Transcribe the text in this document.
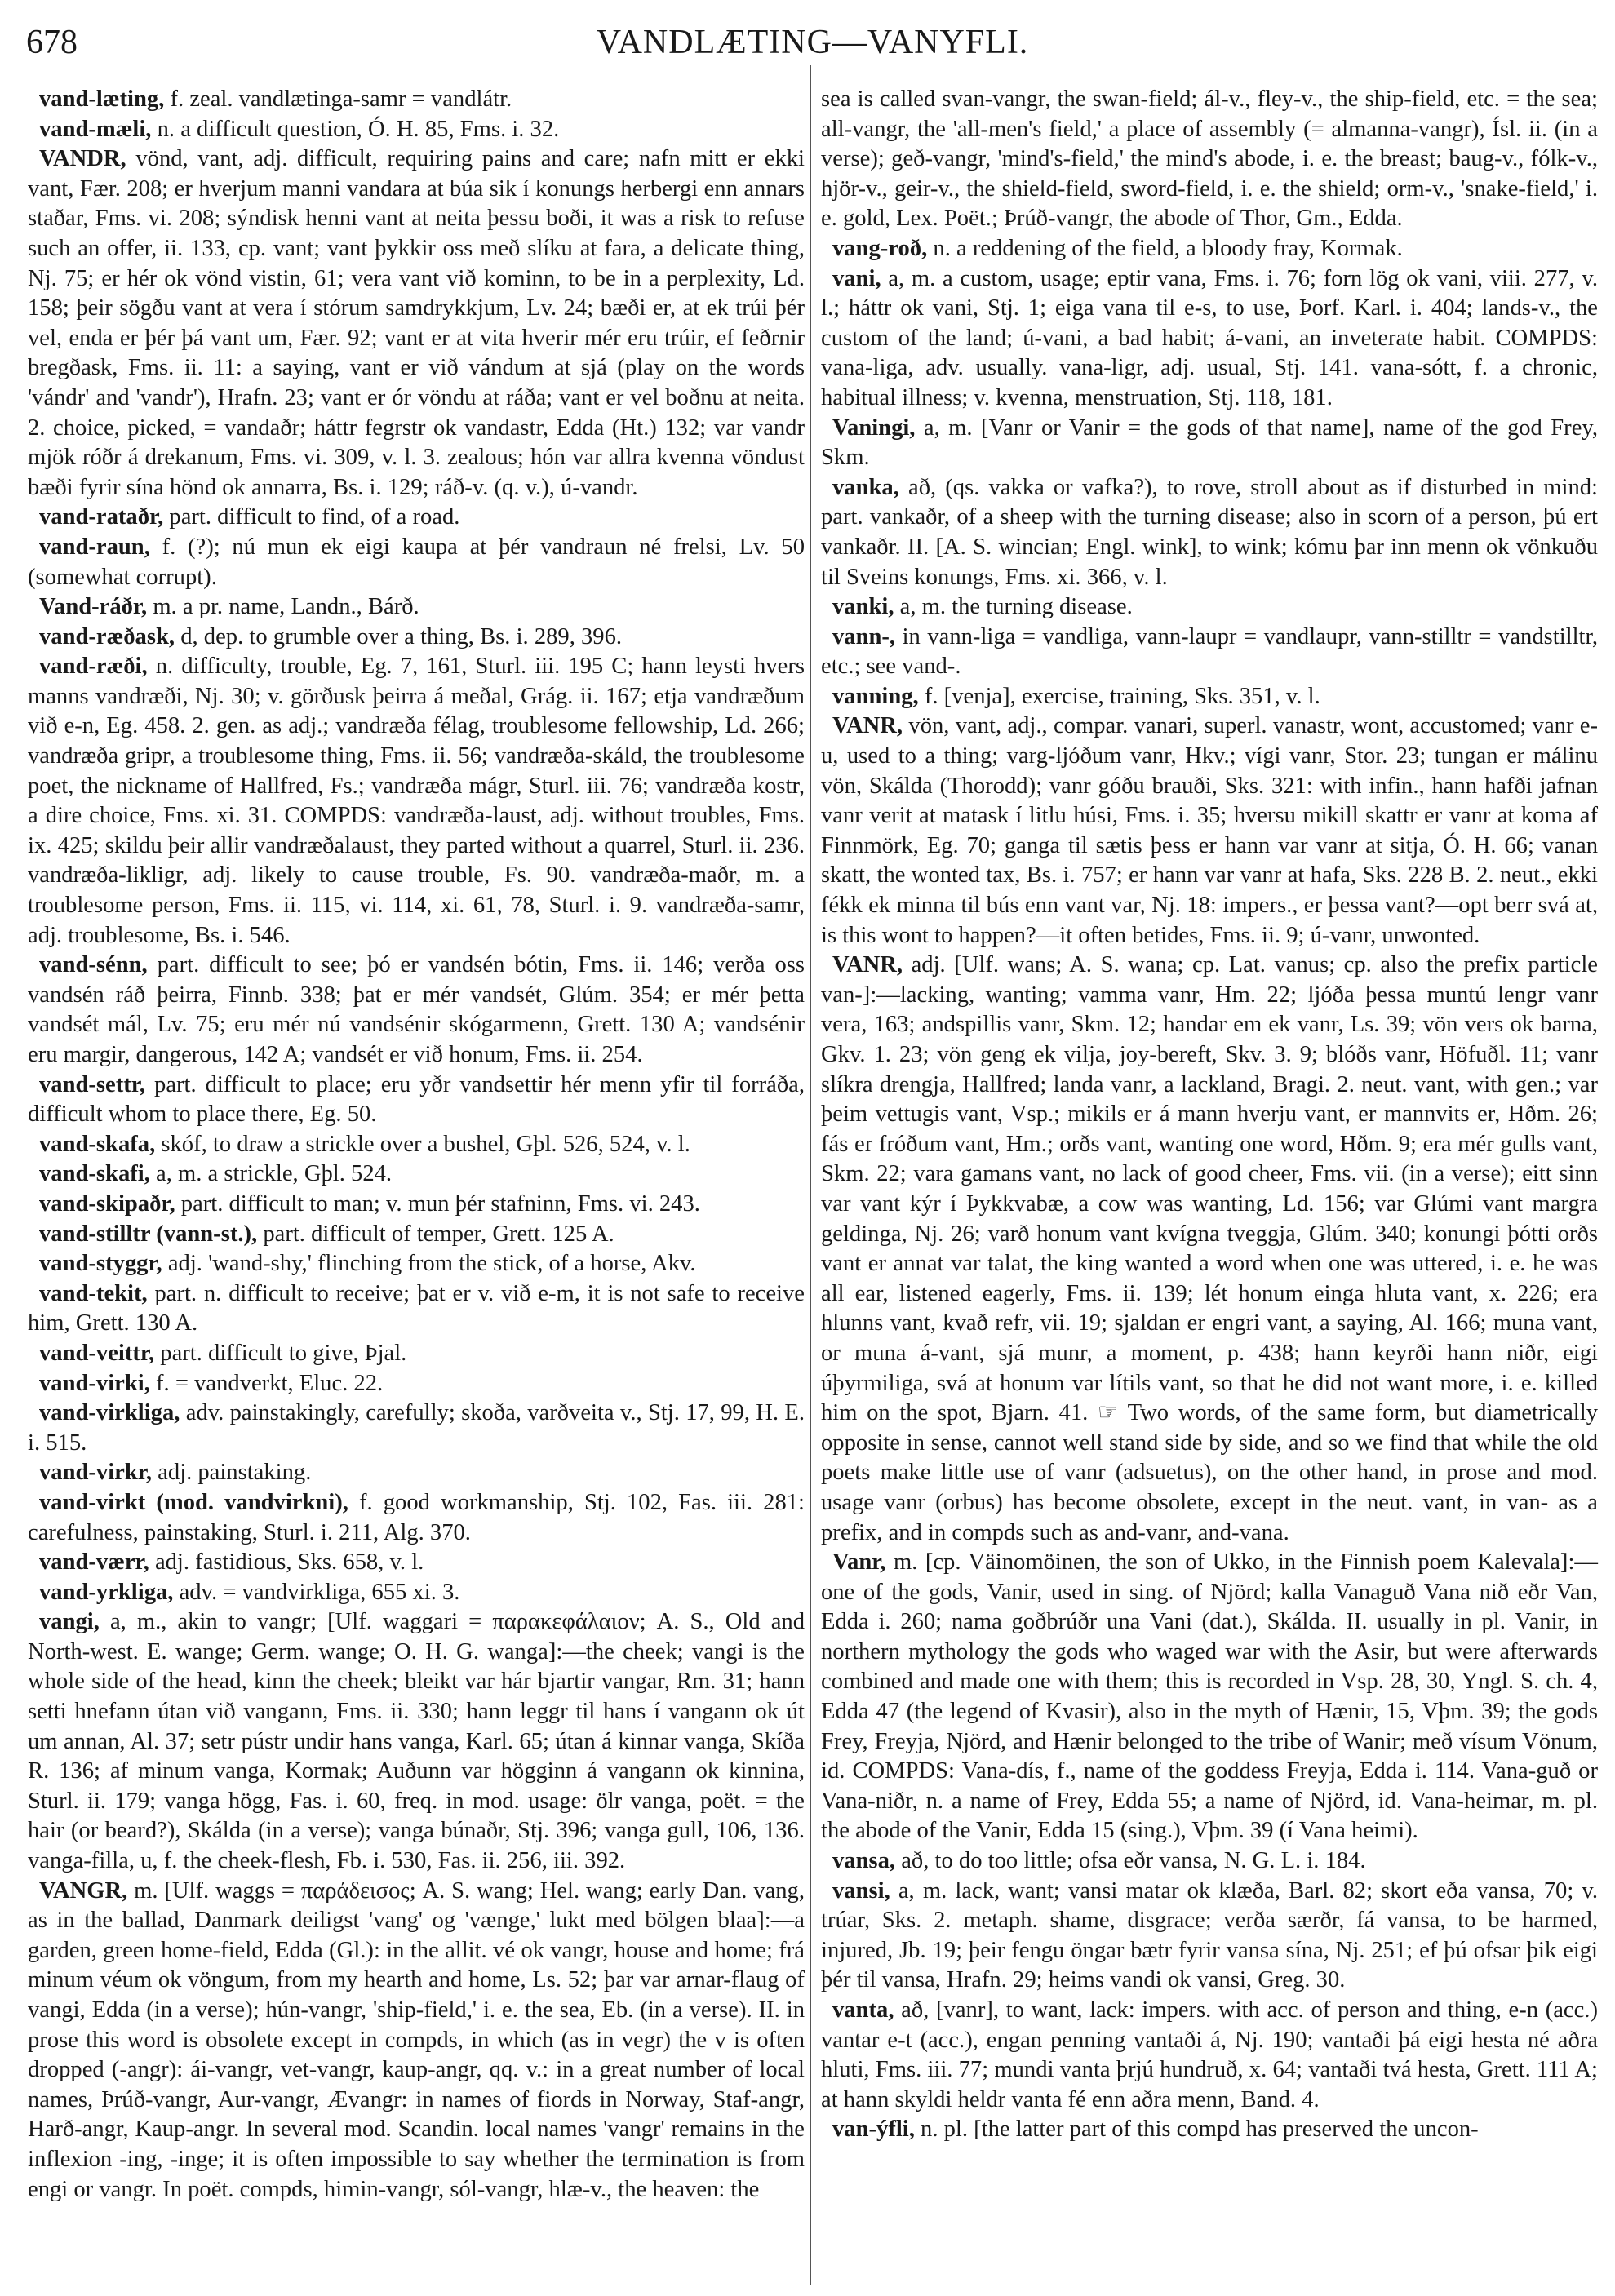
678	VANDLÆTING—VANYFLI.

vand-læting, f. zeal. vandlætinga-samr = vandlátr.

vand-mæli, n. a difficult question, Ó. H. 85, Fms. i. 32.

VANDR, vönd, vant, adj. difficult, requiring pains and care; nafn mitt er ekki vant, Fær. 208; er hverjum manni vandara at búa sik í konungs herbergi enn annars staðar, Fms. vi. 208; sýndisk henni vant at neita þessu boði, it was a risk to refuse such an offer, ii. 133, cp. vant; vant þykkir oss með slíku at fara, a delicate thing, Nj. 75; er hér ok vönd vistin, 61; vera vant við kominn, to be in a perplexity, Ld. 158; þeir sögðu vant at vera í stórum samdrykkjum, Lv. 24; bæði er, at ek trúi þér vel, enda er þér þá vant um, Fær. 92; vant er at vita hverir mér eru trúir, ef feðrnir bregðask, Fms. ii. 11: a saying, vant er við vándum at sjá (play on the words 'vándr' and 'vandr'), Hrafn. 23; vant er ór vöndu at ráða; vant er vel boðnu at neita. 2. choice, picked, = vandaðr; háttr fegrstr ok vandastr, Edda (Ht.) 132; var vandr mjök róðr á drekanum, Fms. vi. 309, v. l. 3. zealous; hón var allra kvenna vöndust bæði fyrir sína hönd ok annarra, Bs. i. 129; ráð-v. (q. v.), ú-vandr.

vand-rataðr, part. difficult to find, of a road.

vand-raun, f. (?); nú mun ek eigi kaupa at þér vandraun né frelsi, Lv. 50 (somewhat corrupt).

Vand-ráðr, m. a pr. name, Landn., Bárð.

vand-ræðask, d, dep. to grumble over a thing, Bs. i. 289, 396.

vand-ræði, n. difficulty, trouble, Eg. 7, 161, Sturl. iii. 195 C; hann leysti hvers manns vandræði, Nj. 30; v. görðusk þeirra á meðal, Grág. ii. 167; etja vandræðum við e-n, Eg. 458. 2. gen. as adj.; vandræða félag, troublesome fellowship, Ld. 266; vandræða gripr, a troublesome thing, Fms. ii. 56; vandræða-skáld, the troublesome poet, the nickname of Hallfred, Fs.; vandræða mágr, Sturl. iii. 76; vandræða kostr, a dire choice, Fms. xi. 31. COMPDS: vandræða-laust, adj. without troubles, Fms. ix. 425; skildu þeir allir vandræðalaust, they parted without a quarrel, Sturl. ii. 236. vandræða-likligr, adj. likely to cause trouble, Fs. 90. vandræða-maðr, m. a troublesome person, Fms. ii. 115, vi. 114, xi. 61, 78, Sturl. i. 9. vandræða-samr, adj. troublesome, Bs. i. 546.

vand-sénn, part. difficult to see; þó er vandsén bótin, Fms. ii. 146; verða oss vandsén ráð þeirra, Finnb. 338; þat er mér vandsét, Glúm. 354; er mér þetta vandsét mál, Lv. 75; eru mér nú vandsénir skógarmenn, Grett. 130 A; vandsénir eru margir, dangerous, 142 A; vandsét er við honum, Fms. ii. 254.

vand-settr, part. difficult to place; eru yðr vandsettir hér menn yfir til forráða, difficult whom to place there, Eg. 50.

vand-skafa, skóf, to draw a strickle over a bushel, Gþl. 526, 524, v. l.

vand-skafi, a, m. a strickle, Gþl. 524.

vand-skipaðr, part. difficult to man; v. mun þér stafninn, Fms. vi. 243.

vand-stilltr (vann-st.), part. difficult of temper, Grett. 125 A.

vand-styggr, adj. 'wand-shy,' flinching from the stick, of a horse, Akv.

vand-tekit, part. n. difficult to receive; þat er v. við e-m, it is not safe to receive him, Grett. 130 A.

vand-veittr, part. difficult to give, Þjal.

vand-virki, f. = vandverkt, Eluc. 22.

vand-virkliga, adv. painstakingly, carefully; skoða, varðveita v., Stj. 17, 99, H. E. i. 515.

vand-virkr, adj. painstaking.

vand-virkt (mod. vandvirkni), f. good workmanship, Stj. 102, Fas. iii. 281: carefulness, painstaking, Sturl. i. 211, Alg. 370.

vand-værr, adj. fastidious, Sks. 658, v. l.

vand-yrkliga, adv. = vandvirkliga, 655 xi. 3.

vangi, a, m., akin to vangr; [Ulf. waggari = παρακεφάλαιον; A. S., Old and North-west. E. wange; Germ. wange; O. H. G. wanga]:—the cheek; vangi is the whole side of the head, kinn the cheek; bleikt var hár bjartir vangar, Rm. 31; hann setti hnefann útan við vangann, Fms. ii. 330; hann leggr til hans í vangann ok út um annan, Al. 37; setr pústr undir hans vanga, Karl. 65; útan á kinnar vanga, Skíða R. 136; af minum vanga, Kormak; Auðunn var högginn á vangann ok kinnina, Sturl. ii. 179; vanga högg, Fas. i. 60, freq. in mod. usage: ölr vanga, poët. = the hair (or beard?), Skálda (in a verse); vanga búnaðr, Stj. 396; vanga gull, 106, 136. vanga-filla, u, f. the cheek-flesh, Fb. i. 530, Fas. ii. 256, iii. 392.

VANGR, m. [Ulf. waggs = παράδεισος; A. S. wang; Hel. wang; early Dan. vang, as in the ballad, Danmark deiligst 'vang' og 'vænge,' lukt med bölgen blaa]:—a garden, green home-field, Edda (Gl.): in the allit. vé ok vangr, house and home; frá minum véum ok vöngum, from my hearth and home, Ls. 52; þar var arnar-flaug of vangi, Edda (in a verse); hún-vangr, 'ship-field,' i. e. the sea, Eb. (in a verse). II. in prose this word is obsolete except in compds, in which (as in vegr) the v is often dropped (-angr): ái-vangr, vet-vangr, kaup-angr, qq. v.: in a great number of local names, Þrúð-vangr, Aur-vangr, Ævangr: in names of fiords in Norway, Staf-angr, Harð-angr, Kaup-angr. In several mod. Scandin. local names 'vangr' remains in the inflexion -ing, -inge; it is often impossible to say whether the termination is from engi or vangr. In poët. compds, himin-vangr, sól-vangr, hlæ-v., the heaven: the

sea is called svan-vangr, the swan-field; ál-v., fley-v., the ship-field, etc. = the sea; all-vangr, the 'all-men's field,' a place of assembly (= almanna-vangr), Ísl. ii. (in a verse); geð-vangr, 'mind's-field,' the mind's abode, i. e. the breast; baug-v., fólk-v., hjör-v., geir-v., the shield-field, sword-field, i. e. the shield; orm-v., 'snake-field,' i. e. gold, Lex. Poët.; Þrúð-vangr, the abode of Thor, Gm., Edda.

vang-roð, n. a reddening of the field, a bloody fray, Kormak.

vani, a, m. a custom, usage; eptir vana, Fms. i. 76; forn lög ok vani, viii. 277, v. l.; háttr ok vani, Stj. 1; eiga vana til e-s, to use, Þorf. Karl. i. 404; lands-v., the custom of the land; ú-vani, a bad habit; á-vani, an inveterate habit. COMPDS: vana-liga, adv. usually. vana-ligr, adj. usual, Stj. 141. vana-sótt, f. a chronic, habitual illness; v. kvenna, menstruation, Stj. 118, 181.

Vaningi, a, m. [Vanr or Vanir = the gods of that name], name of the god Frey, Skm.

vanka, að, (qs. vakka or vafka?), to rove, stroll about as if disturbed in mind: part. vankaðr, of a sheep with the turning disease; also in scorn of a person, þú ert vankaðr. II. [A. S. wincian; Engl. wink], to wink; kómu þar inn menn ok vönkuðu til Sveins konungs, Fms. xi. 366, v. l.

vanki, a, m. the turning disease.

vann-, in vann-liga = vandliga, vann-laupr = vandlaupr, vann-stilltr = vandstilltr, etc.; see vand-.

vanning, f. [venja], exercise, training, Sks. 351, v. l.

VANR, vön, vant, adj., compar. vanari, superl. vanastr, wont, accustomed; vanr e-u, used to a thing; varg-ljóðum vanr, Hkv.; vígi vanr, Stor. 23; tungan er málinu vön, Skálda (Thorodd); vanr góðu brauði, Sks. 321: with infin., hann hafði jafnan vanr verit at matask í litlu húsi, Fms. i. 35; hversu mikill skattr er vanr at koma af Finnmörk, Eg. 70; ganga til sætis þess er hann var vanr at sitja, Ó. H. 66; vanan skatt, the wonted tax, Bs. i. 757; er hann var vanr at hafa, Sks. 228 B. 2. neut., ekki fékk ek minna til bús enn vant var, Nj. 18: impers., er þessa vant?—opt berr svá at, is this wont to happen?—it often betides, Fms. ii. 9; ú-vanr, unwonted.

VANR, adj. [Ulf. wans; A. S. wana; cp. Lat. vanus; cp. also the prefix particle van-]:—lacking, wanting; vamma vanr, Hm. 22; ljóða þessa muntú lengr vanr vera, 163; andspillis vanr, Skm. 12; handar em ek vanr, Ls. 39; vön vers ok barna, Gkv. 1. 23; vön geng ek vilja, joy-bereft, Skv. 3. 9; blóðs vanr, Höfuðl. 11; vanr slíkra drengja, Hallfred; landa vanr, a lackland, Bragi. 2. neut. vant, with gen.; var þeim vettugis vant, Vsp.; mikils er á mann hverju vant, er mannvits er, Hðm. 26; fás er fróðum vant, Hm.; orðs vant, wanting one word, Hðm. 9; era mér gulls vant, Skm. 22; vara gamans vant, no lack of good cheer, Fms. vii. (in a verse); eitt sinn var vant kýr í Þykkvabæ, a cow was wanting, Ld. 156; var Glúmi vant margra geldinga, Nj. 26; varð honum vant kvígna tveggja, Glúm. 340; konungi þótti orðs vant er annat var talat, the king wanted a word when one was uttered, i. e. he was all ear, listened eagerly, Fms. ii. 139; lét honum einga hluta vant, x. 226; era hlunns vant, kvað refr, vii. 19; sjaldan er engri vant, a saying, Al. 166; muna vant, or muna á-vant, sjá munr, a moment, p. 438; hann keyrði hann niðr, eigi úþyrmiliga, svá at honum var lítils vant, so that he did not want more, i. e. killed him on the spot, Bjarn. 41. ☞ Two words, of the same form, but diametrically opposite in sense, cannot well stand side by side, and so we find that while the old poets make little use of vanr (adsuetus), on the other hand, in prose and mod. usage vanr (orbus) has become obsolete, except in the neut. vant, in van- as a prefix, and in compds such as and-vanr, and-vana.

Vanr, m. [cp. Väinomöinen, the son of Ukko, in the Finnish poem Kalevala]:—one of the gods, Vanir, used in sing. of Njörd; kalla Vanaguð Vana nið eðr Van, Edda i. 260; nama goðbrúðr una Vani (dat.), Skálda. II. usually in pl. Vanir, in northern mythology the gods who waged war with the Asir, but were afterwards combined and made one with them; this is recorded in Vsp. 28, 30, Yngl. S. ch. 4, Edda 47 (the legend of Kvasir), also in the myth of Hænir, 15, Vþm. 39; the gods Frey, Freyja, Njörd, and Hænir belonged to the tribe of Wanir; með vísum Vönum, id. COMPDS: Vana-dís, f., name of the goddess Freyja, Edda i. 114. Vana-guð or Vana-niðr, n. a name of Frey, Edda 55; a name of Njörd, id. Vana-heimar, m. pl. the abode of the Vanir, Edda 15 (sing.), Vþm. 39 (í Vana heimi).

vansa, að, to do too little; ofsa eðr vansa, N. G. L. i. 184.

vansi, a, m. lack, want; vansi matar ok klæða, Barl. 82; skort eða vansa, 70; v. trúar, Sks. 2. metaph. shame, disgrace; verða særðr, fá vansa, to be harmed, injured, Jb. 19; þeir fengu öngar bætr fyrir vansa sína, Nj. 251; ef þú ofsar þik eigi þér til vansa, Hrafn. 29; heims vandi ok vansi, Greg. 30.

vanta, að, [vanr], to want, lack: impers. with acc. of person and thing, e-n (acc.) vantar e-t (acc.), engan penning vantaði á, Nj. 190; vantaði þá eigi hesta né aðra hluti, Fms. iii. 77; mundi vanta þrjú hundruð, x. 64; vantaði tvá hesta, Grett. 111 A; at hann skyldi heldr vanta fé enn aðra menn, Band. 4.

van-ýfli, n. pl. [the latter part of this compd has preserved the uncon-
